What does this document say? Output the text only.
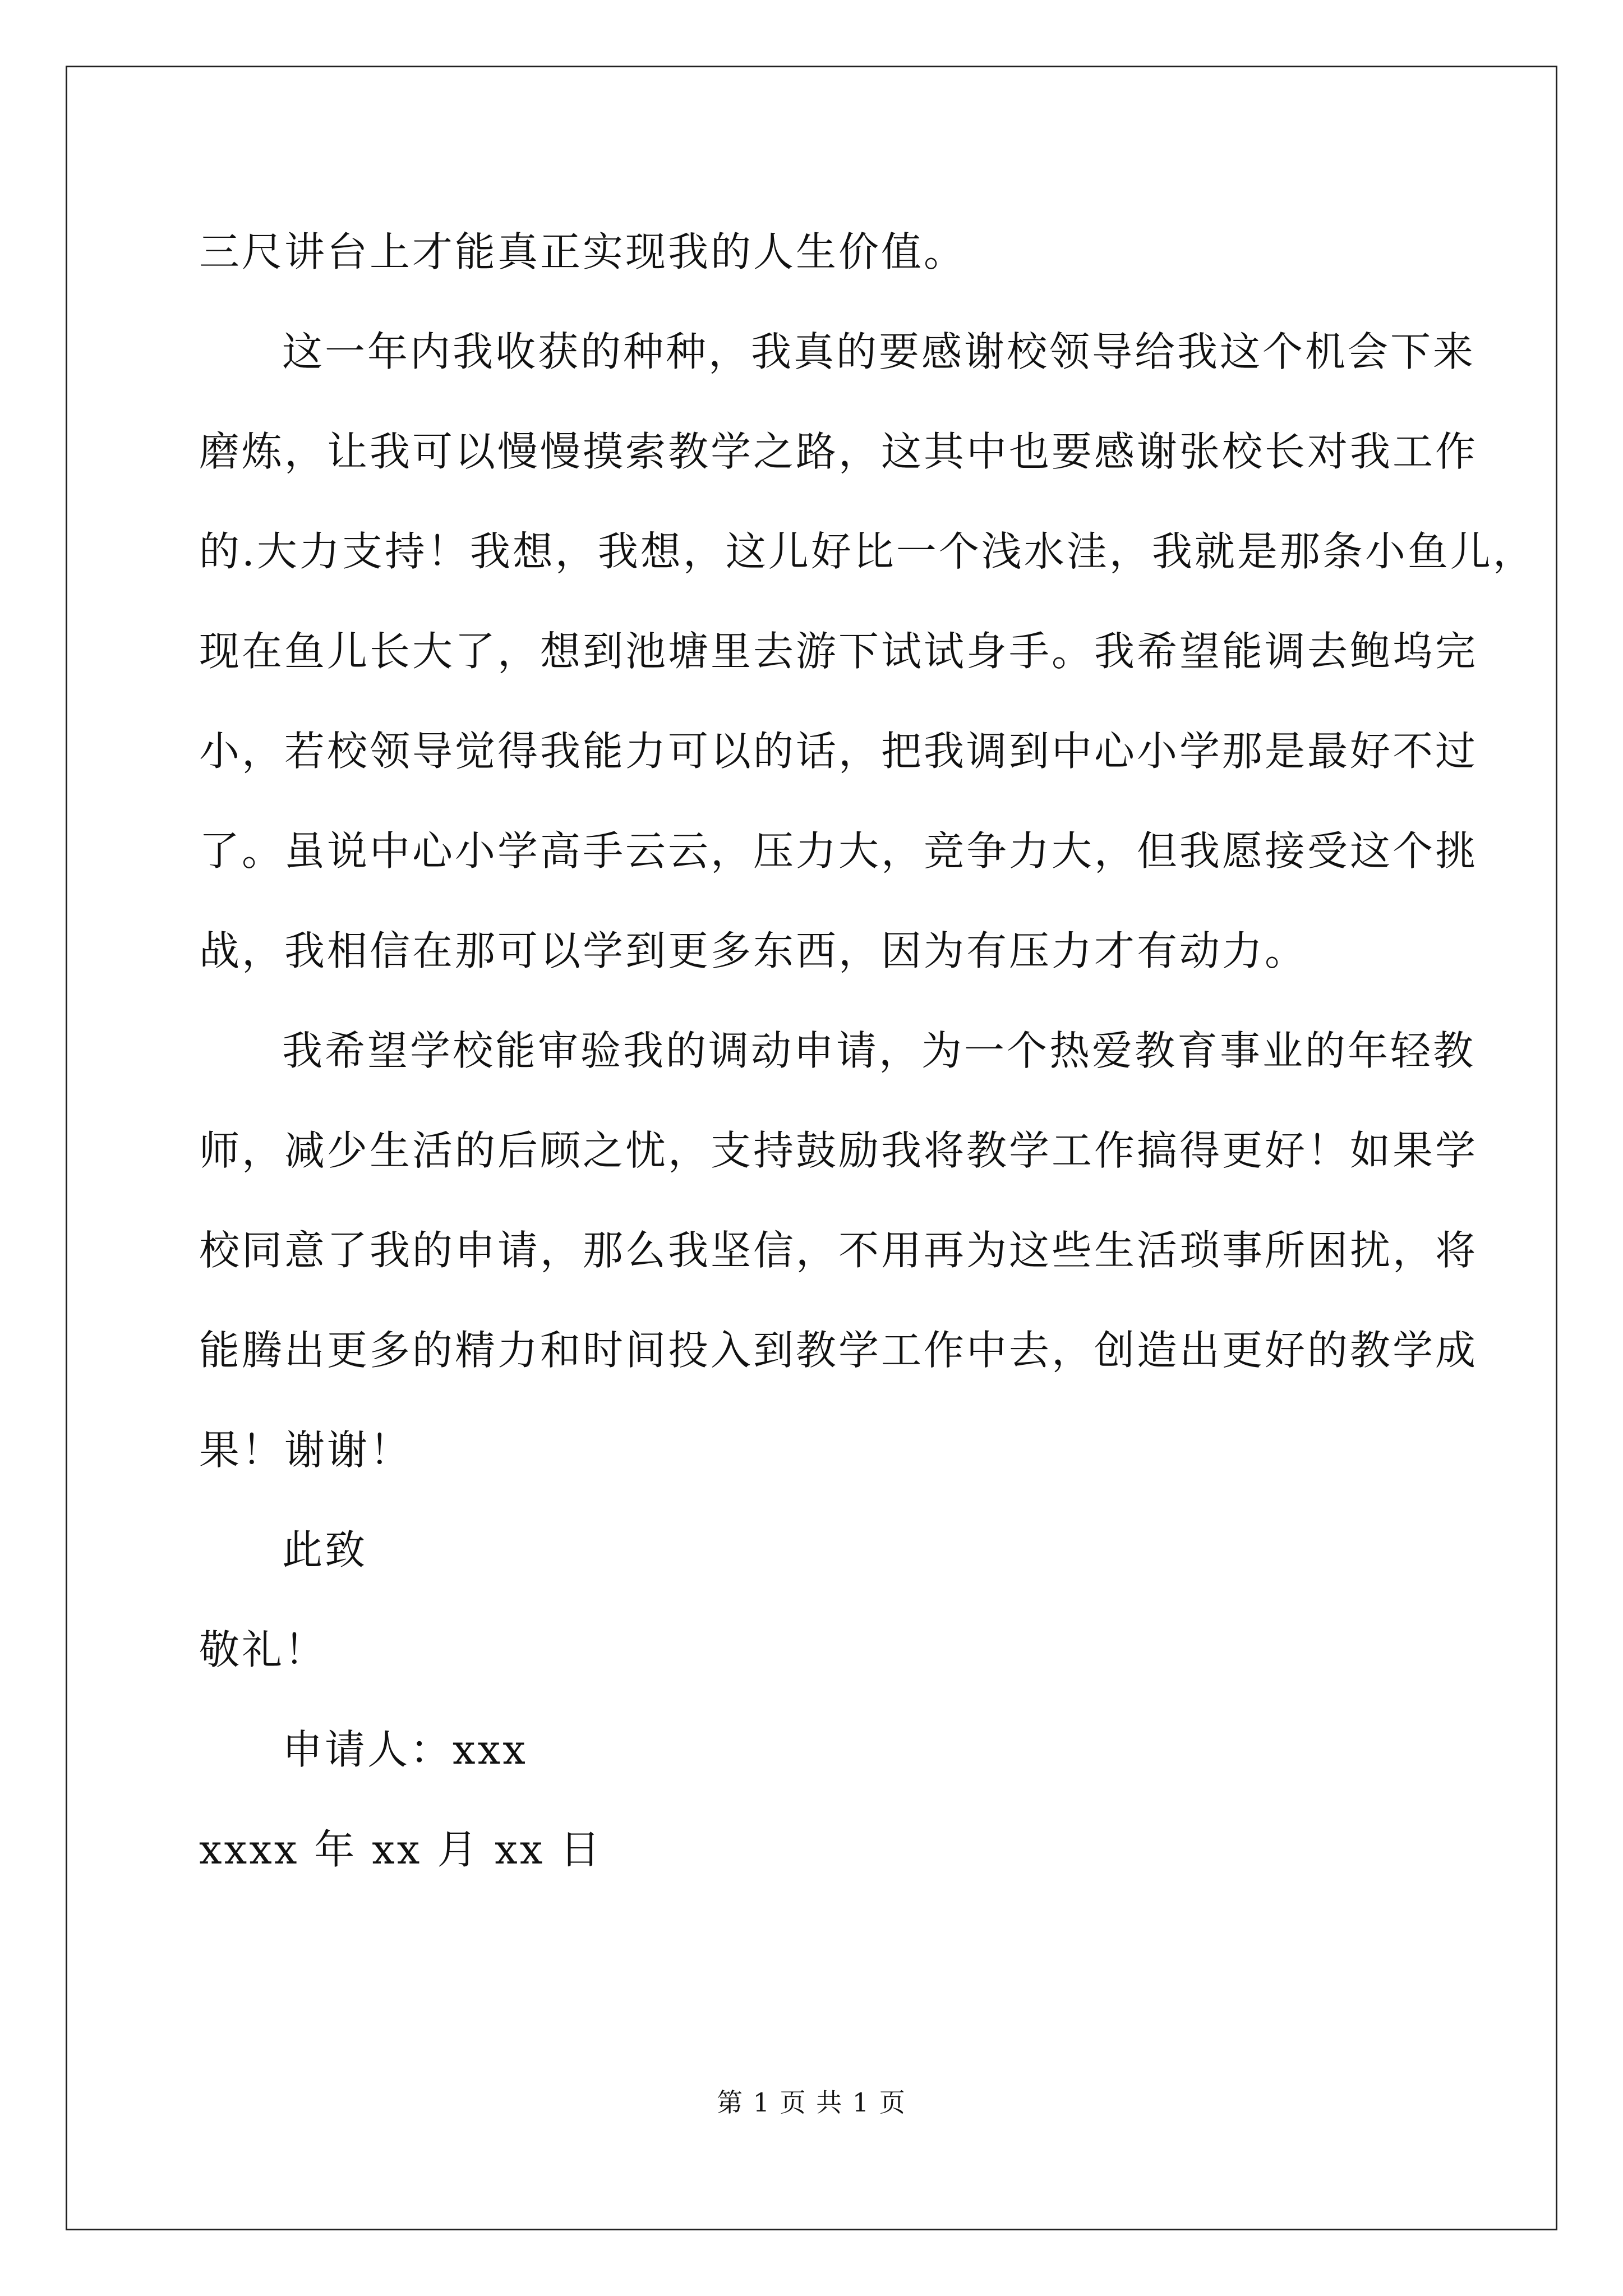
三尺讲台上才能真正实现我的人生价值。
这一年内我收获的种种，我真的要感谢校领导给我这个机会下来
磨炼，让我可以慢慢摸索教学之路，这其中也要感谢张校长对我工作
的.大力支持！我想，我想，这儿好比一个浅水洼，我就是那条小鱼儿，
现在鱼儿长大了，想到池塘里去游下试试身手。我希望能调去鲍坞完
小，若校领导觉得我能力可以的话，把我调到中心小学那是最好不过
了。虽说中心小学高手云云，压力大，竞争力大，但我愿接受这个挑
战，我相信在那可以学到更多东西，因为有压力才有动力。
我希望学校能审验我的调动申请，为一个热爱教育事业的年轻教
师，减少生活的后顾之忧，支持鼓励我将教学工作搞得更好！如果学
校同意了我的申请，那么我坚信，不用再为这些生活琐事所困扰，将
能腾出更多的精力和时间投入到教学工作中去，创造出更好的教学成
果！谢谢！
此致
敬礼！
申请人：xxx
xxxx 年 xx 月 xx 日
第 1 页 共 1 页
